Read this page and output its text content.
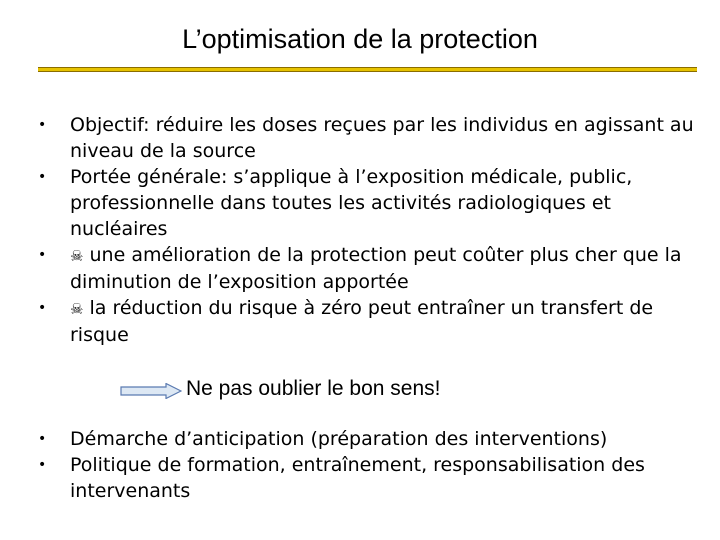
L’optimisation de la protection
• Objectif: réduire les doses reçues par les individus en agissant au niveau de la source
• Portée générale: s’applique à l’exposition médicale, public, professionnelle dans toutes les activités radiologiques et nucléaires
• ☠ une amélioration de la protection peut coûter plus cher que la diminution de l’exposition apportée
• ☠ la réduction du risque à zéro peut entraîner un transfert de risque
Ne pas oublier le bon sens!
• Démarche d’anticipation (préparation des interventions)
• Politique de formation, entraînement, responsabilisation des intervenants
